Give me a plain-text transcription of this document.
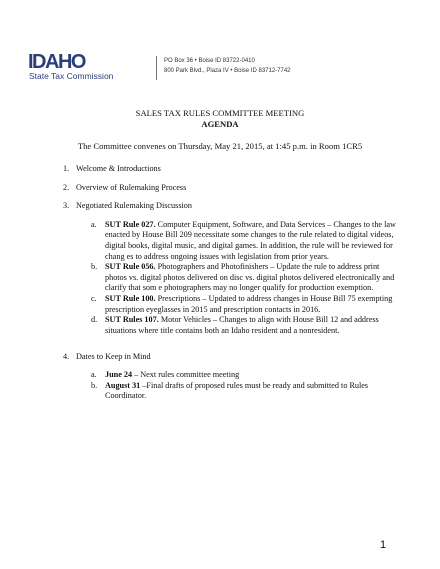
IDAHO
State Tax Commission
PO Box 36 • Boise ID 83722-0410
800 Park Blvd., Plaza IV • Boise ID 83712-7742
SALES TAX RULES COMMITTEE MEETING
AGENDA
The Committee convenes on Thursday, May 21, 2015, at 1:45 p.m. in Room 1CR5
1. Welcome & Introductions
2. Overview of Rulemaking Process
3. Negotiated Rulemaking Discussion
a. SUT Rule 027. Computer Equipment, Software, and Data Services – Changes to the law enacted by House Bill 209 necessitate some changes to the rule related to digital videos, digital books, digital music, and digital games. In addition, the rule will be reviewed for chang es to address ongoing issues with legislation from prior years.
b. SUT Rule 056. Photographers and Photofinishers – Update the rule to address print photos vs. digital photos delivered on disc vs. digital photos delivered electronically and clarify that som e photographers may no longer qualify for production exemption.
c. SUT Rule 100. Prescriptions – Updated to address changes in House Bill 75 exempting prescription eyeglasses in 2015 and prescription contacts in 2016.
d. SUT Rules 107. Motor Vehicles – Changes to align with House Bill 12 and address situations where title contains both an Idaho resident and a nonresident.
4. Dates to Keep in Mind
a. June 24 – Next rules committee meeting
b. August 31 –Final drafts of proposed rules must be ready and submitted to Rules Coordinator.
1
